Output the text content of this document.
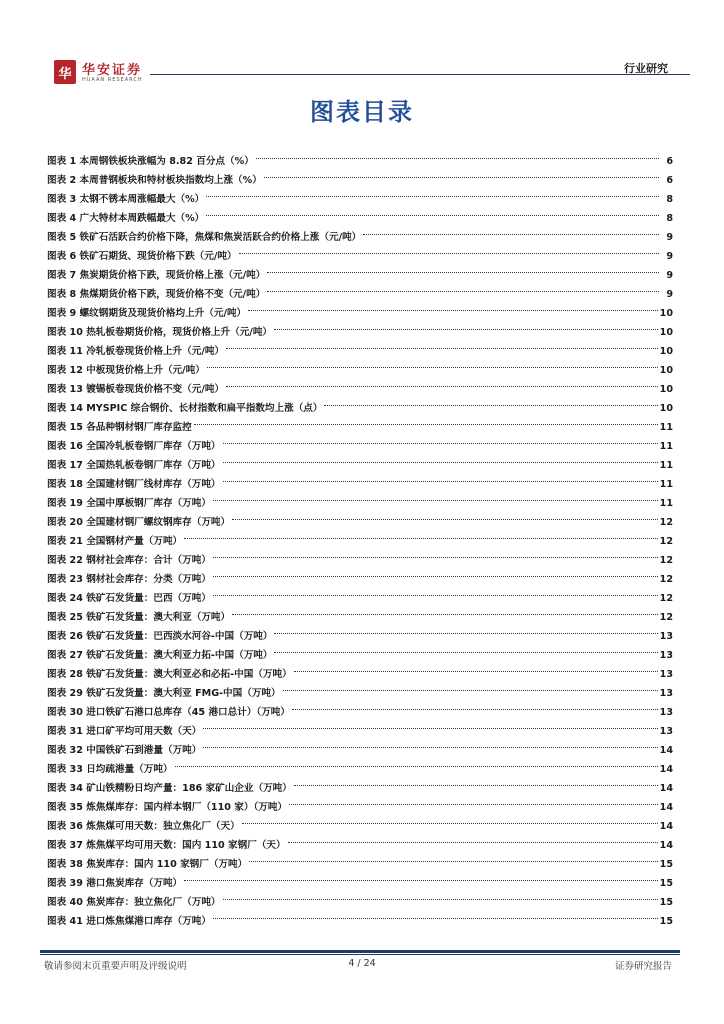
华 华安证券
HUAAN RESEARCH
行业研究
图表目录
图表 1 本周钢铁板块涨幅为 8.82 百分点（%）	6
图表 2 本周普钢板块和特材板块指数均上涨（%）	6
图表 3 太钢不锈本周涨幅最大（%）	8
图表 4 广大特材本周跌幅最大（%）	8
图表 5 铁矿石活跃合约价格下降，焦煤和焦炭活跃合约价格上涨（元/吨）	9
图表 6 铁矿石期货、现货价格下跌（元/吨）	9
图表 7 焦炭期货价格下跌，现货价格上涨（元/吨）	9
图表 8 焦煤期货价格下跌，现货价格不变（元/吨）	9
图表 9 螺纹钢期货及现货价格均上升（元/吨）	10
图表 10 热轧板卷期货价格，现货价格上升（元/吨）	10
图表 11 冷轧板卷现货价格上升（元/吨）	10
图表 12 中板现货价格上升（元/吨）	10
图表 13 镀锡板卷现货价格不变（元/吨）	10
图表 14 MYSPIC 综合钢价、长材指数和扁平指数均上涨（点）	10
图表 15 各品种钢材钢厂库存监控	11
图表 16 全国冷轧板卷钢厂库存（万吨）	11
图表 17 全国热轧板卷钢厂库存（万吨）	11
图表 18 全国建材钢厂线材库存（万吨）	11
图表 19 全国中厚板钢厂库存（万吨）	11
图表 20 全国建材钢厂螺纹钢库存（万吨）	12
图表 21 全国钢材产量（万吨）	12
图表 22 钢材社会库存：合计（万吨）	12
图表 23 钢材社会库存：分类（万吨）	12
图表 24 铁矿石发货量：巴西（万吨）	12
图表 25 铁矿石发货量：澳大利亚（万吨）	12
图表 26 铁矿石发货量：巴西淡水河谷-中国（万吨）	13
图表 27 铁矿石发货量：澳大利亚力拓-中国（万吨）	13
图表 28 铁矿石发货量：澳大利亚必和必拓-中国（万吨）	13
图表 29 铁矿石发货量：澳大利亚 FMG-中国（万吨）	13
图表 30 进口铁矿石港口总库存（45 港口总计）（万吨）	13
图表 31 进口矿平均可用天数（天）	13
图表 32 中国铁矿石到港量（万吨）	14
图表 33 日均疏港量（万吨）	14
图表 34 矿山铁精粉日均产量：186 家矿山企业（万吨）	14
图表 35 炼焦煤库存：国内样本钢厂（110 家）（万吨）	14
图表 36 炼焦煤可用天数：独立焦化厂（天）	14
图表 37 炼焦煤平均可用天数：国内 110 家钢厂（天）	14
图表 38 焦炭库存：国内 110 家钢厂（万吨）	15
图表 39 港口焦炭库存（万吨）	15
图表 40 焦炭库存：独立焦化厂（万吨）	15
图表 41 进口炼焦煤港口库存（万吨）	15
敬请参阅末页重要声明及评级说明	4 / 24	证券研究报告
